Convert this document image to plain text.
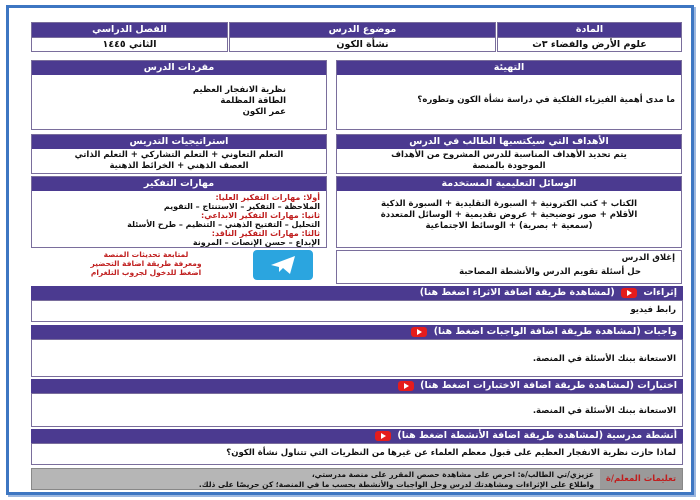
المادة
علوم الأرض والفضاء ٣ث
موضوع الدرس
نشأة الكون
الفصل الدراسي
الثاني ١٤٤٥
مفردات الدرس
نظرية الانفجار العظيم
الطاقة المظلمة
عمر الكون
استراتيجيات التدريس
التعلم التعاوني + التعلم التشاركي + التعلم الذاتي
العصف الذهني + الخرائط الذهنية
مهارات التفكير
أولا: مهارات التفكير العليا:
الملاحظة – التفكير – الاستنتاج – التقويم
ثانيا: مهارات التفكير الابداعي:
التحليل – التفتيح الذهني – التنظيم – طرح الأسئلة
ثالثا: مهارات التفكير الناقد:
الإبداع – حسن الإنصات – المرونة
لمتابعة تحديثات المنصة
ومعرفة طريقة اضافة التحضير
اضغط للدخول لجروب التلغرام
التهيئة
ما مدى أهمية الفيزياء الفلكية في دراسة نشأة الكون وتطوره؟
الأهداف التي سيكتسبها الطالب في الدرس
يتم تحديد الأهداف المناسبة للدرس المشروح من الأهداف الموجودة بالمنصة
الوسائل التعليمية المستخدمة
الكتاب + كتب الكترونية + السبورة التقليدية + السبورة الذكية
الأقلام + صور توضيحية + عروض تقديمية + الوسائل المتعددة
(سمعية + بصرية) + الوسائط الاجتماعية
إغلاق الدرس
حل أسئلة تقويم الدرس والأنشطة المصاحبة
إثراءات  (لمشاهدة طريقة اضافة الاثراء اضغط هنا)
رابط فيديو
واجبات (لمشاهدة طريقة اضافة الواجبات اضغط هنا)
الاستعانة ببنك الأسئلة في المنصة.
اختبارات (لمشاهدة طريقة اضافة الاختبارات اضغط هنا)
الاستعانة ببنك الأسئلة في المنصة.
أنشطة مدرسية (لمشاهدة طريقة اضافة الأنشطة اضغط هنا)
لماذا حازت نظرية الانفجار العظيم على قبول معظم العلماء عن غيرها من النظريات التي تتناول نشأة الكون؟
تعليمات المعلم/ة
عزيزي/تي الطالب/ة: احرص على مشاهدة حصص المقرر على منصة مدرستي،
واطلاع على الإثراءات ومشاهدتك لدرس وحل الواجبات والأنشطة بحسب ما في المنصة؛ كن حريصًا على ذلك.
